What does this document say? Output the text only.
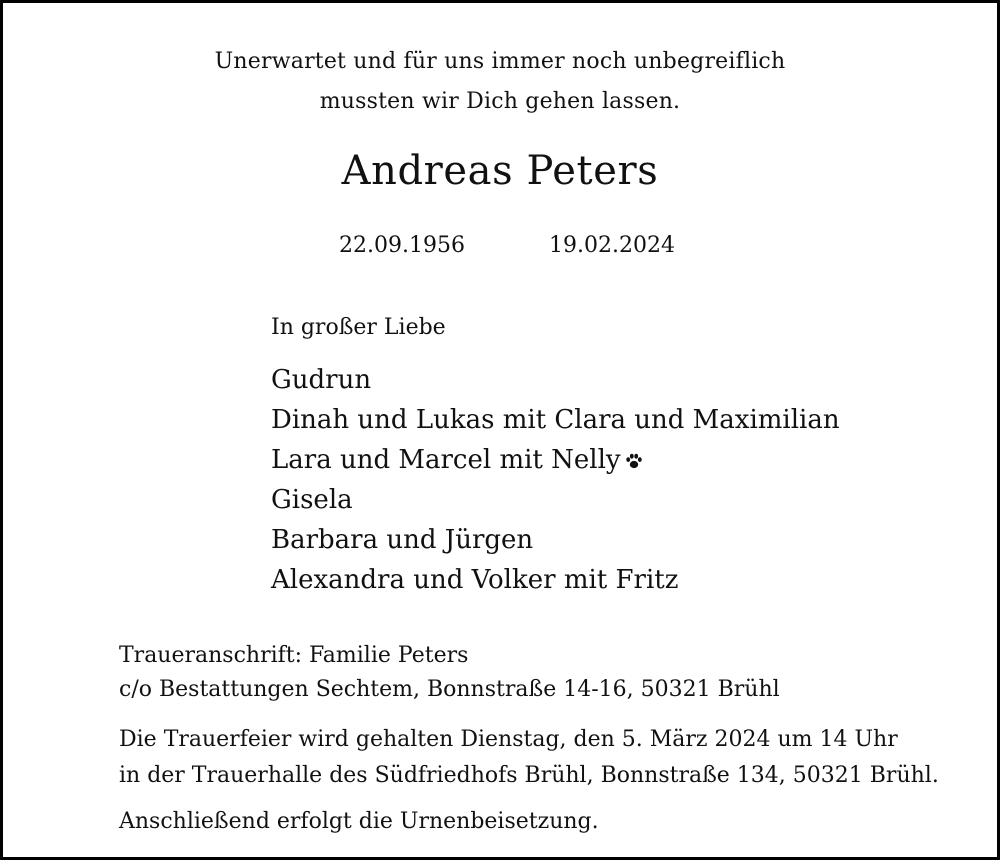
Unerwartet und für uns immer noch unbegreiflich
mussten wir Dich gehen lassen.
Andreas Peters
22.09.1956	19.02.2024
In großer Liebe
Gudrun
Dinah und Lukas mit Clara und Maximilian
Lara und Marcel mit Nelly
Gisela
Barbara und Jürgen
Alexandra und Volker mit Fritz
Traueranschrift: Familie Peters
c/o Bestattungen Sechtem, Bonnstraße 14-16, 50321 Brühl
Die Trauerfeier wird gehalten Dienstag, den 5. März 2024 um 14 Uhr
in der Trauerhalle des Südfriedhofs Brühl, Bonnstraße 134, 50321 Brühl.
Anschließend erfolgt die Urnenbeisetzung.
